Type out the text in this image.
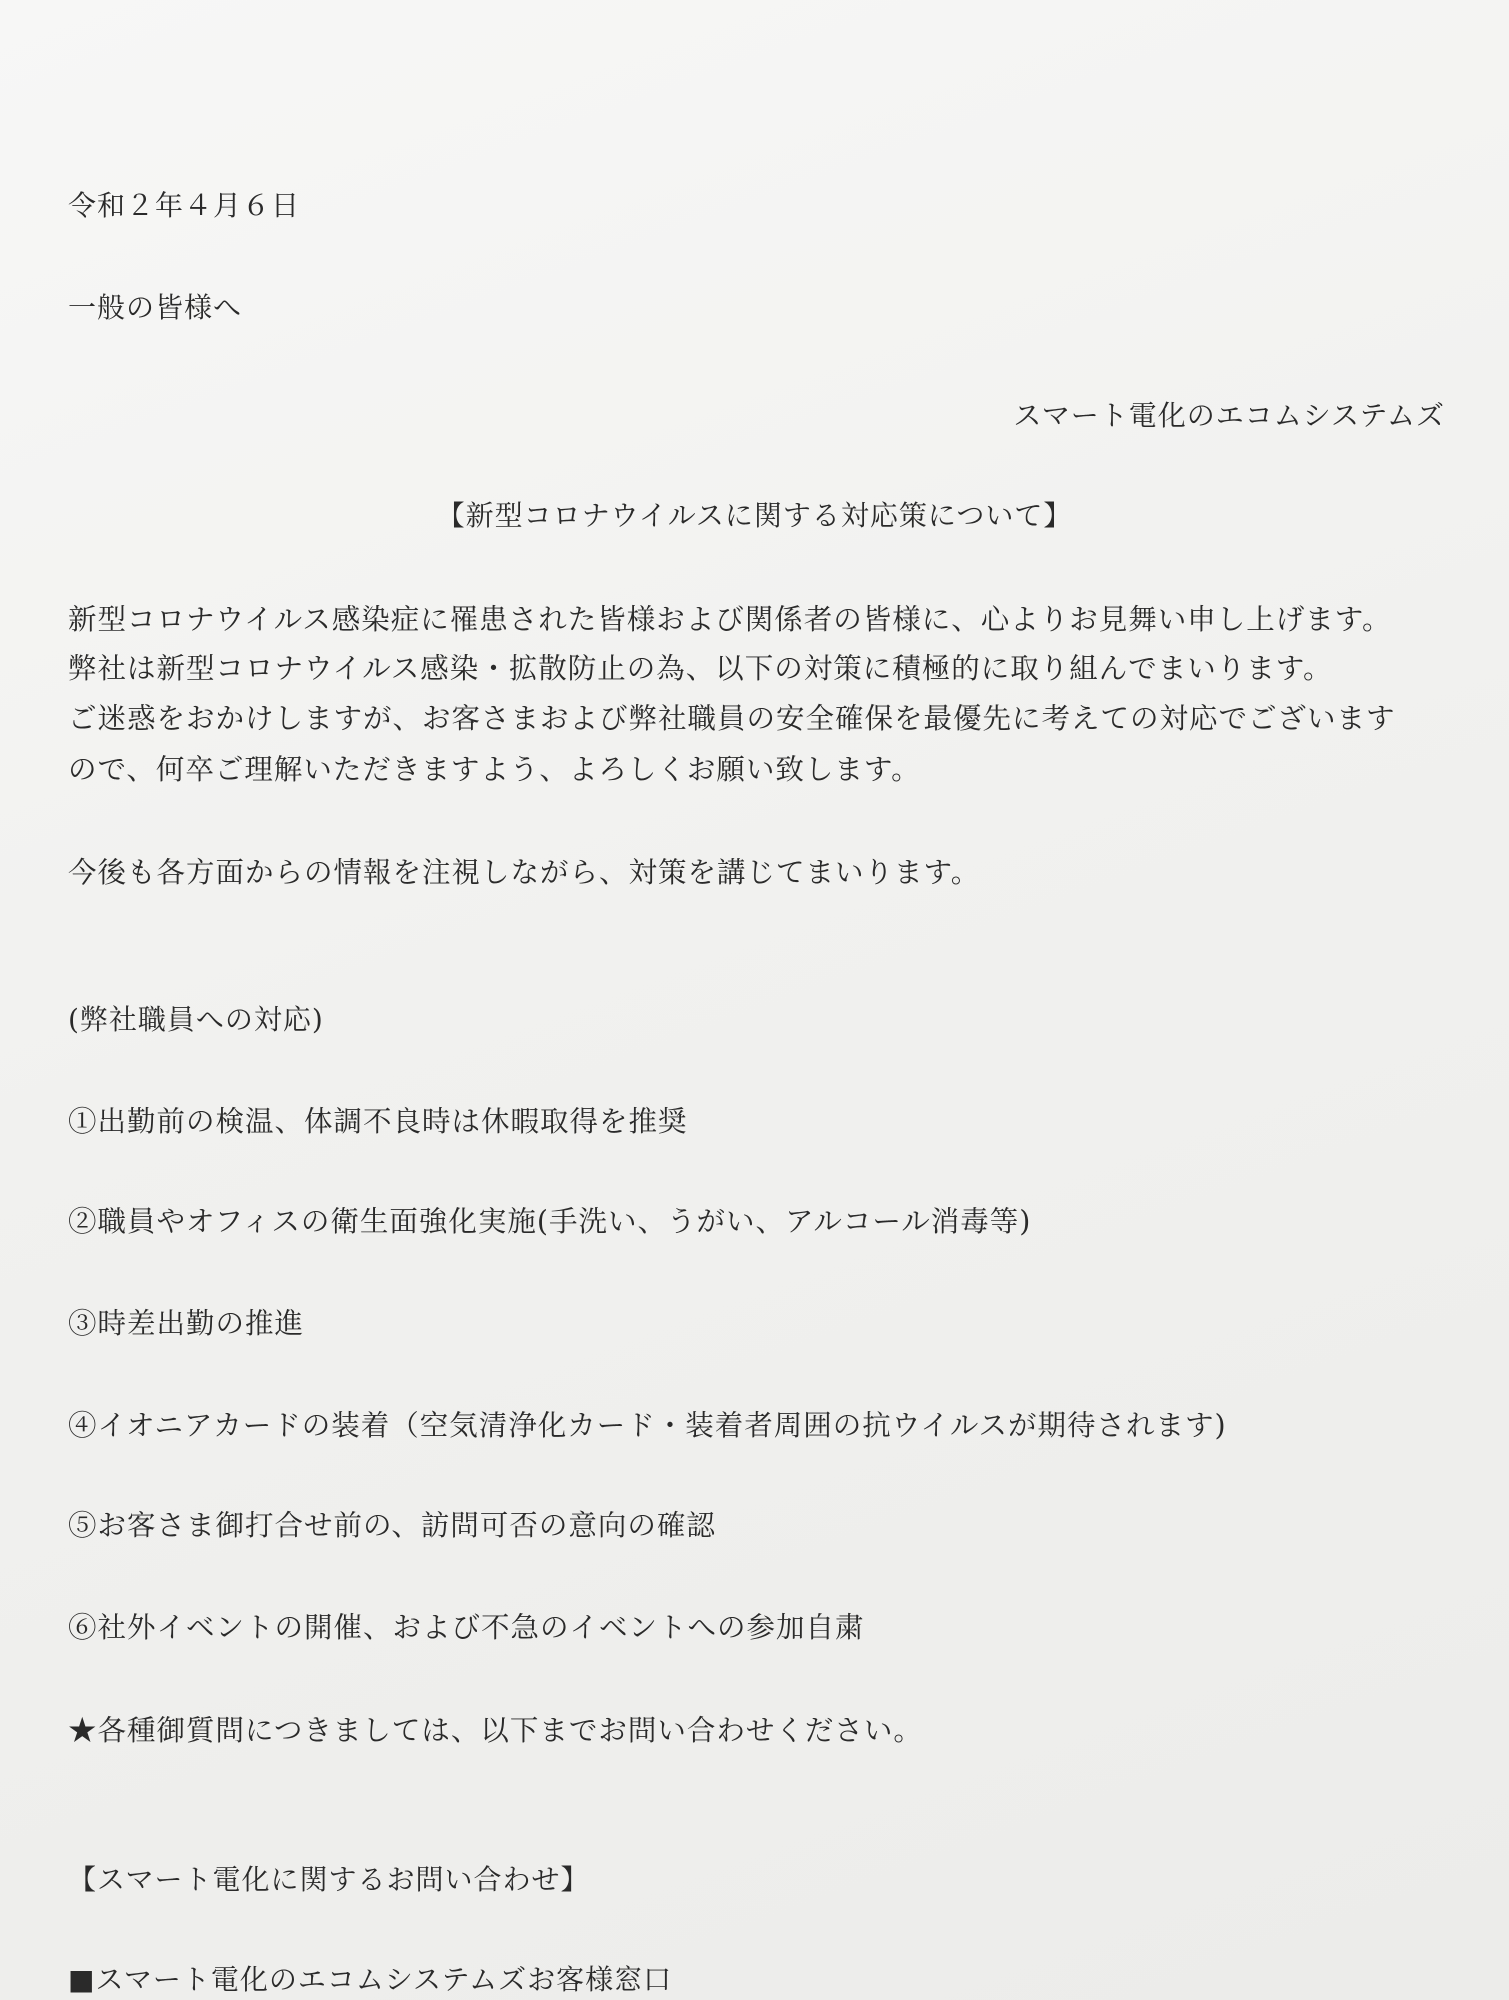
令和２年４月６日
一般の皆様へ
スマート電化のエコムシステムズ
【新型コロナウイルスに関する対応策について】
新型コロナウイルス感染症に罹患された皆様および関係者の皆様に、心よりお見舞い申し上げます。
弊社は新型コロナウイルス感染・拡散防止の為、以下の対策に積極的に取り組んでまいります。
ご迷惑をおかけしますが、お客さまおよび弊社職員の安全確保を最優先に考えての対応でございます
ので、何卒ご理解いただきますよう、よろしくお願い致します。
今後も各方面からの情報を注視しながら、対策を講じてまいります。
(弊社職員への対応)
①出勤前の検温、体調不良時は休暇取得を推奨
②職員やオフィスの衛生面強化実施(手洗い、うがい、アルコール消毒等)
③時差出勤の推進
④イオニアカードの装着（空気清浄化カード・装着者周囲の抗ウイルスが期待されます)
⑤お客さま御打合せ前の、訪問可否の意向の確認
⑥社外イベントの開催、および不急のイベントへの参加自粛
★各種御質問につきましては、以下までお問い合わせください。
【スマート電化に関するお問い合わせ】
■スマート電化のエコムシステムズお客様窓口
